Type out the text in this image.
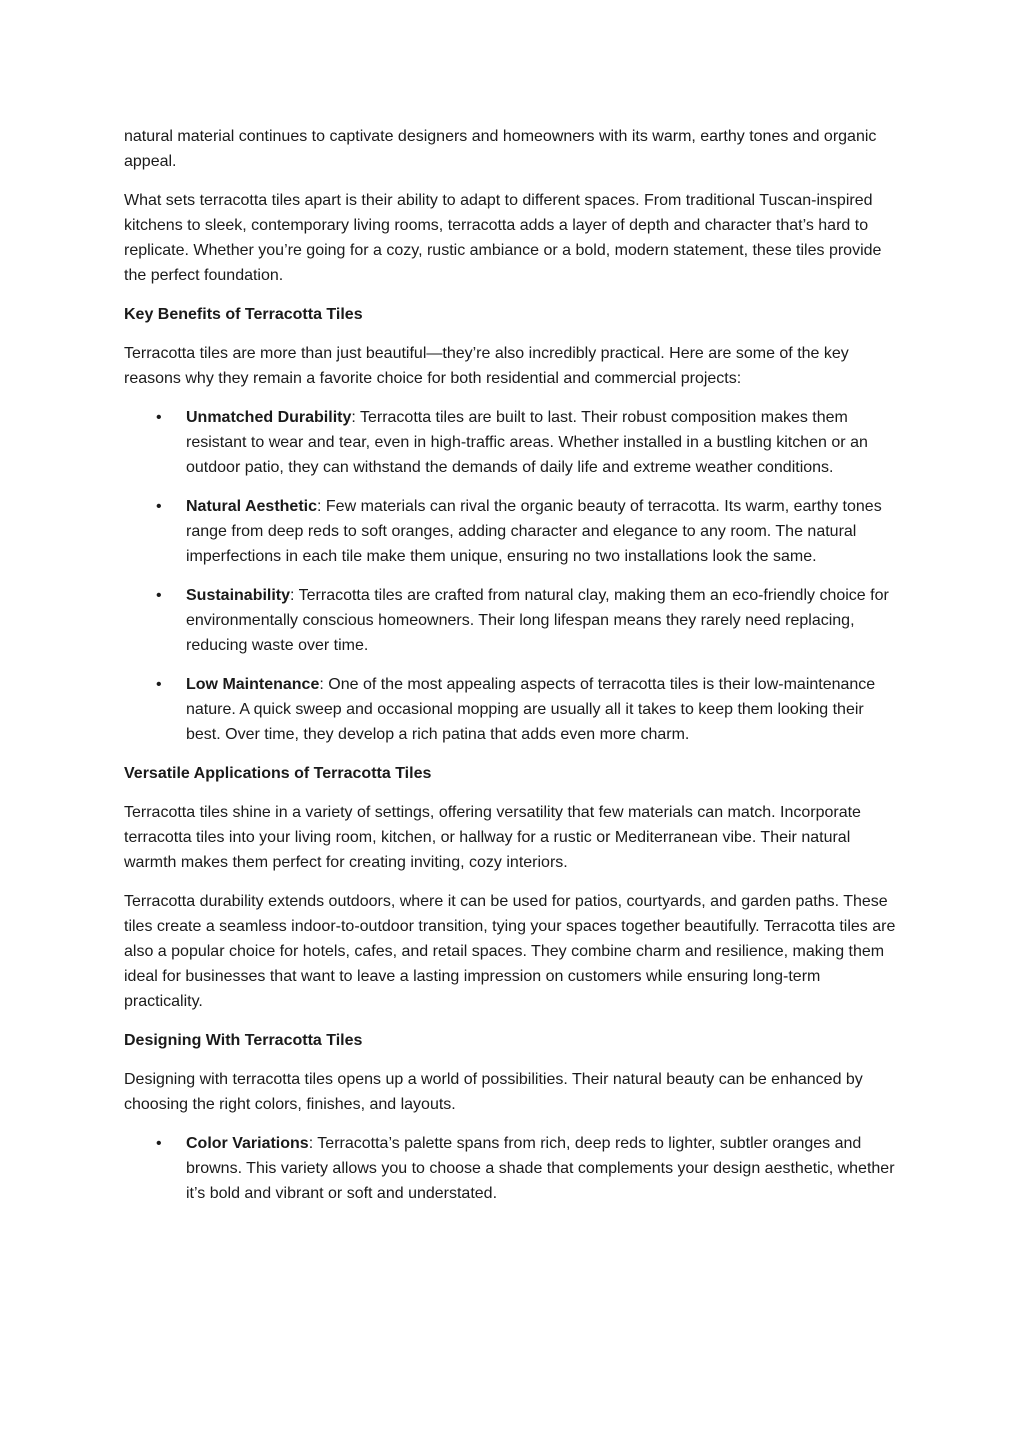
natural material continues to captivate designers and homeowners with its warm, earthy tones and organic appeal.

What sets terracotta tiles apart is their ability to adapt to different spaces. From traditional Tuscan-inspired kitchens to sleek, contemporary living rooms, terracotta adds a layer of depth and character that’s hard to replicate. Whether you’re going for a cozy, rustic ambiance or a bold, modern statement, these tiles provide the perfect foundation.

Key Benefits of Terracotta Tiles

Terracotta tiles are more than just beautiful—they’re also incredibly practical. Here are some of the key reasons why they remain a favorite choice for both residential and commercial projects:

• Unmatched Durability: Terracotta tiles are built to last. Their robust composition makes them resistant to wear and tear, even in high-traffic areas. Whether installed in a bustling kitchen or an outdoor patio, they can withstand the demands of daily life and extreme weather conditions.
• Natural Aesthetic: Few materials can rival the organic beauty of terracotta. Its warm, earthy tones range from deep reds to soft oranges, adding character and elegance to any room. The natural imperfections in each tile make them unique, ensuring no two installations look the same.
• Sustainability: Terracotta tiles are crafted from natural clay, making them an eco-friendly choice for environmentally conscious homeowners. Their long lifespan means they rarely need replacing, reducing waste over time.
• Low Maintenance: One of the most appealing aspects of terracotta tiles is their low-maintenance nature. A quick sweep and occasional mopping are usually all it takes to keep them looking their best. Over time, they develop a rich patina that adds even more charm.
Versatile Applications of Terracotta Tiles

Terracotta tiles shine in a variety of settings, offering versatility that few materials can match. Incorporate terracotta tiles into your living room, kitchen, or hallway for a rustic or Mediterranean vibe. Their natural warmth makes them perfect for creating inviting, cozy interiors.

Terracotta durability extends outdoors, where it can be used for patios, courtyards, and garden paths. These tiles create a seamless indoor-to-outdoor transition, tying your spaces together beautifully. Terracotta tiles are also a popular choice for hotels, cafes, and retail spaces. They combine charm and resilience, making them ideal for businesses that want to leave a lasting impression on customers while ensuring long-term practicality.

Designing With Terracotta Tiles

Designing with terracotta tiles opens up a world of possibilities. Their natural beauty can be enhanced by choosing the right colors, finishes, and layouts.

• Color Variations: Terracotta’s palette spans from rich, deep reds to lighter, subtler oranges and browns. This variety allows you to choose a shade that complements your design aesthetic, whether it’s bold and vibrant or soft and understated.
